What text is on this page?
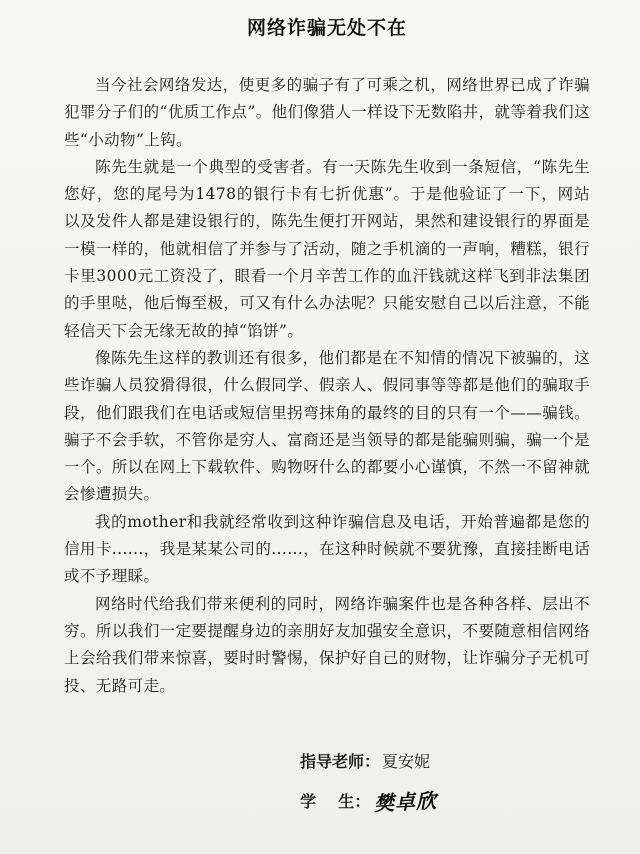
网络诈骗无处不在

当今社会网络发达，使更多的骗子有了可乘之机，网络世界已成了诈骗犯罪分子们的“优质工作点”。他们像猎人一样设下无数陷井，就等着我们这些“小动物”上钩。

陈先生就是一个典型的受害者。有一天陈先生收到一条短信，“陈先生您好，您的尾号为1478的银行卡有七折优惠”。于是他验证了一下，网站以及发件人都是建设银行的，陈先生便打开网站，果然和建设银行的界面是一模一样的，他就相信了并参与了活动，随之手机滴的一声响，糟糕，银行卡里3000元工资没了，眼看一个月辛苦工作的血汗钱就这样飞到非法集团的手里哒，他后悔至极，可又有什么办法呢？只能安慰自己以后注意，不能轻信天下会无缘无故的掉“馅饼”。

像陈先生这样的教训还有很多，他们都是在不知情的情况下被骗的，这些诈骗人员狡猾得很，什么假同学、假亲人、假同事等等都是他们的骗取手段，他们跟我们在电话或短信里拐弯抹角的最终的目的只有一个——骗钱。骗子不会手软，不管你是穷人、富商还是当领导的都是能骗则骗，骗一个是一个。所以在网上下载软件、购物呀什么的都要小心谨慎，不然一不留神就会惨遭损失。

我的mother和我就经常收到这种诈骗信息及电话，开始普遍都是您的信用卡......，我是某某公司的......，在这种时候就不要犹豫，直接挂断电话或不予理睬。

网络时代给我们带来便利的同时，网络诈骗案件也是各种各样、层出不穷。所以我们一定要提醒身边的亲朋好友加强安全意识，不要随意相信网络上会给我们带来惊喜，要时时警惕，保护好自己的财物，让诈骗分子无机可投、无路可走。

指导老师： 夏安妮
学    生： 樊卓欣
